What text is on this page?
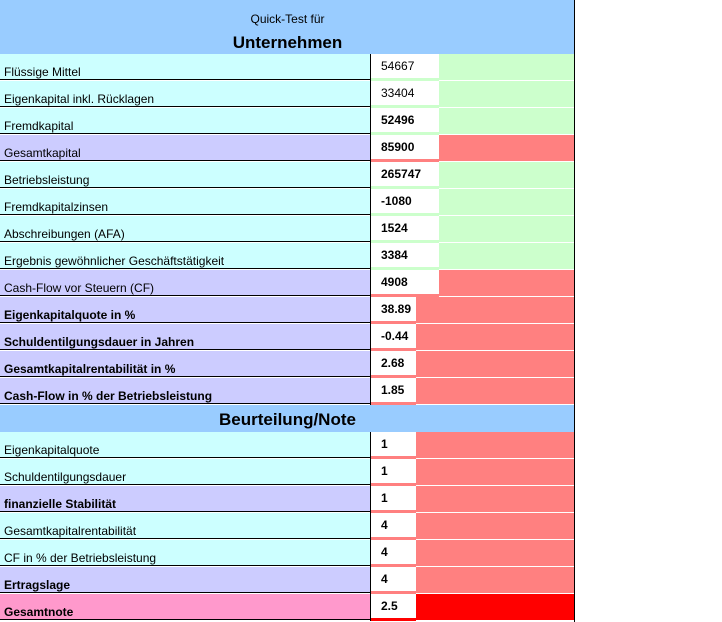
Quick-Test für
Unternehmen
Flüssige Mittel	54667
Eigenkapital inkl. Rücklagen	33404
Fremdkapital	52496
Gesamtkapital	85900
Betriebsleistung	265747
Fremdkapitalzinsen	-1080
Abschreibungen (AFA)	1524
Ergebnis gewöhnlicher Geschäftstätigkeit	3384
Cash-Flow vor Steuern (CF)	4908
Eigenkapitalquote in %	38.89
Schuldentilgungsdauer in Jahren	-0.44
Gesamtkapitalrentabilität in %	2.68
Cash-Flow in % der Betriebsleistung	1.85
Beurteilung/Note
Eigenkapitalquote	1
Schuldentilgungsdauer	1
finanzielle Stabilität	1
Gesamtkapitalrentabilität	4
CF in % der Betriebsleistung	4
Ertragslage	4
Gesamtnote	2.5
